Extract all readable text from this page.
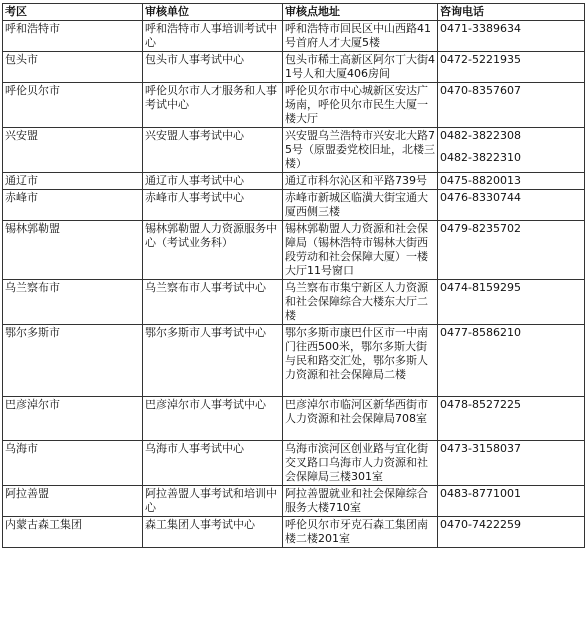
考区	审核单位	审核点地址	咨询电话
呼和浩特市	呼和浩特市人事培训考试中心	呼和浩特市回民区中山西路41号首府人才大厦5楼	0471-3389634

包头市	包头市人事考试中心	包头市稀土高新区阿尔丁大街41号人和大厦406房间	0472-5221935

呼伦贝尔市	呼伦贝尔市人才服务和人事考试中心	呼伦贝尔市中心城新区安达广场南，呼伦贝尔市民生大厦一楼大厅	0470-8357607

兴安盟	兴安盟人事考试中心	兴安盟乌兰浩特市兴安北大路75号（原盟委党校旧址，北楼三楼）	0482-3822308
0482-3822310

通辽市	通辽市人事考试中心	通辽市科尔沁区和平路739号	0475-8820013

赤峰市	赤峰市人事考试中心	赤峰市新城区临潢大街宝通大厦西侧三楼	0476-8330744

锡林郭勒盟	锡林郭勒盟人力资源服务中心（考试业务科）	锡林郭勒盟人力资源和社会保障局（锡林浩特市锡林大街西段劳动和社会保障大厦）一楼大厅11号窗口	0479-8235702

乌兰察布市	乌兰察布市人事考试中心	乌兰察布市集宁新区人力资源和社会保障综合大楼东大厅二楼	0474-8159295

鄂尔多斯市	鄂尔多斯市人事考试中心	鄂尔多斯市康巴什区市一中南门往西500米，鄂尔多斯大街与民和路交汇处，鄂尔多斯人力资源和社会保障局二楼	0477-8586210

巴彦淖尔市	巴彦淖尔市人事考试中心	巴彦淖尔市临河区新华西街市人力资源和社会保障局708室	0478-8527225

乌海市	乌海市人事考试中心	乌海市滨河区创业路与宜化街交叉路口乌海市人力资源和社会保障局三楼301室	0473-3158037

阿拉善盟	阿拉善盟人事考试和培训中心	阿拉善盟就业和社会保障综合服务大楼710室	0483-8771001

内蒙古森工集团	森工集团人事考试中心	呼伦贝尔市牙克石森工集团南楼二楼201室	0470-7422259
